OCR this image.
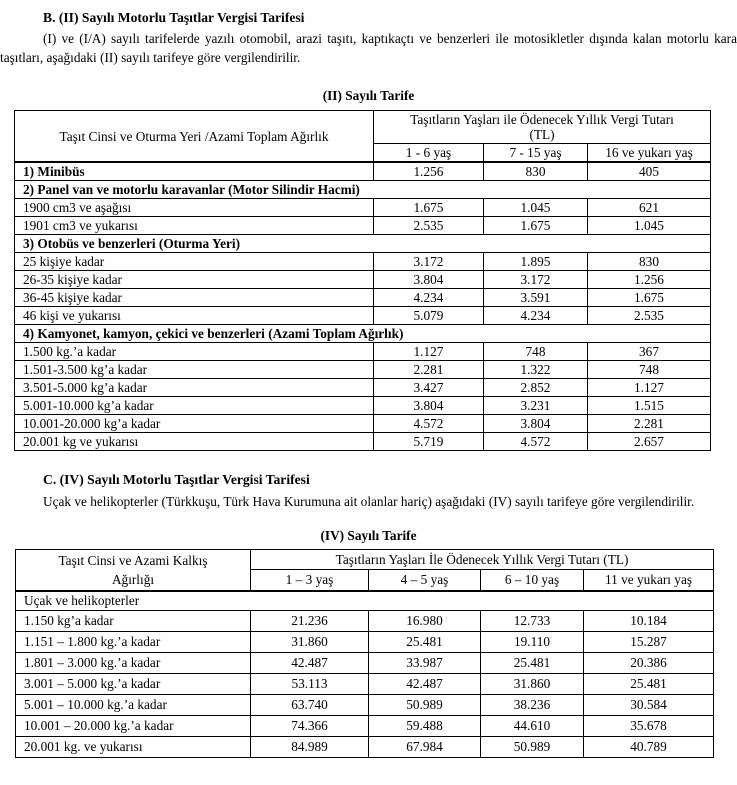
B. (II) Sayılı Motorlu Taşıtlar Vergisi Tarifesi

(I) ve (I/A) sayılı tarifelerde yazılı otomobil, arazi taşıtı, kaptıkaçtı ve benzerleri ile motosikletler dışında kalan motorlu kara taşıtları, aşağıdaki (II) sayılı tarifeye göre vergilendirilir.

(II) Sayılı Tarife
Taşıt Cinsi ve Oturma Yeri /Azami Toplam Ağırlık	Taşıtların Yaşları ile Ödenecek Yıllık Vergi Tutarı
(TL)		

	1 - 6 yaş	7 - 15 yaş	16 ve yukarı yaş
1) Minibüs	1.256	830	405
2) Panel van ve motorlu karavanlar (Motor Silindir Hacmi)			
1900 cm3 ve aşağısı	1.675	1.045	621
1901 cm3 ve yukarısı	2.535	1.675	1.045
3) Otobüs ve benzerleri (Oturma Yeri)			
25 kişiye kadar	3.172	1.895	830
26-35 kişiye kadar	3.804	3.172	1.256
36-45 kişiye kadar	4.234	3.591	1.675
46 kişi ve yukarısı	5.079	4.234	2.535
4) Kamyonet, kamyon, çekici ve benzerleri (Azami Toplam Ağırlık)			
1.500 kg.’a kadar	1.127	748	367
1.501-3.500 kg’a kadar	2.281	1.322	748
3.501-5.000 kg’a kadar	3.427	2.852	1.127
5.001-10.000 kg’a kadar	3.804	3.231	1.515
10.001-20.000 kg’a kadar	4.572	3.804	2.281
20.001 kg ve yukarısı	5.719	4.572	2.657
C. (IV) Sayılı Motorlu Taşıtlar Vergisi Tarifesi

Uçak ve helikopterler (Türkkuşu, Türk Hava Kurumuna ait olanlar hariç) aşağıdaki (IV) sayılı tarifeye göre vergilendirilir.

(IV) Sayılı Tarife
Taşıt Cinsi ve Azami Kalkış
Ağırlığı	Taşıtların Yaşları İle Ödenecek Yıllık Vergi Tutarı (TL)			
	1 – 3 yaş	4 – 5 yaş	6 – 10 yaş	11 ve yukarı yaş
Uçak ve helikopterler				
1.150 kg’a kadar	21.236	16.980	12.733	10.184
1.151 – 1.800 kg.’a kadar	31.860	25.481	19.110	15.287
1.801 – 3.000 kg.’a kadar	42.487	33.987	25.481	20.386
3.001 – 5.000 kg.’a kadar	53.113	42.487	31.860	25.481
5.001 – 10.000 kg.’a kadar	63.740	50.989	38.236	30.584
10.001 – 20.000 kg.’a kadar	74.366	59.488	44.610	35.678
20.001 kg. ve yukarısı	84.989	67.984	50.989	40.789
